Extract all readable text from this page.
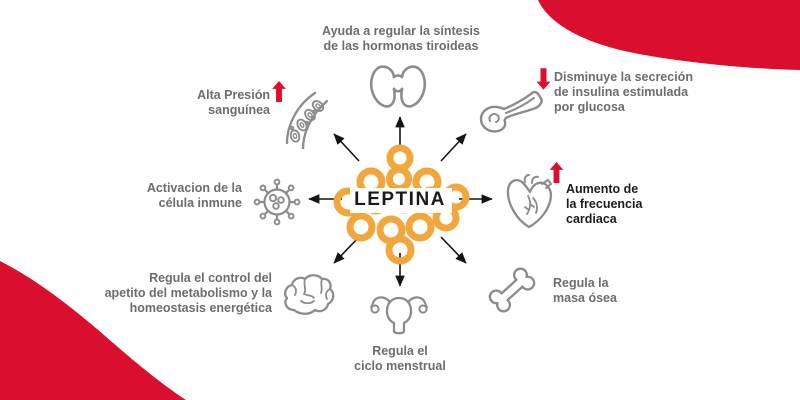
LEPTINA
Ayuda a regular la síntesis
de las hormonas tiroideas
Disminuye la secreción
de insulina estimulada
por glucosa
Aumento de
la frecuencia
cardiaca
Regula la
masa ósea
Regula el
ciclo menstrual
Regula el control del
apetito del metabolismo y la
homeostasis energética
Activacion de la
célula inmune
Alta Presión
sanguínea
